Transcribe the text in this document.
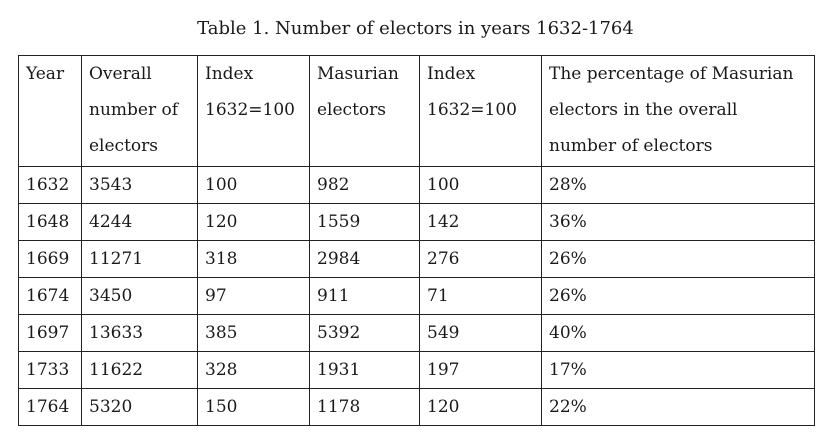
Table 1. Number of electors in years 1632-1764
Year	Overall number of electors	Index 1632=100	Masurian electors	Index 1632=100	The percentage of Masurian electors in the overall number of electors
1632	3543	100	982	100	28%
1648	4244	120	1559	142	36%
1669	11271	318	2984	276	26%
1674	3450	97	911	71	26%
1697	13633	385	5392	549	40%
1733	11622	328	1931	197	17%
1764	5320	150	1178	120	22%
